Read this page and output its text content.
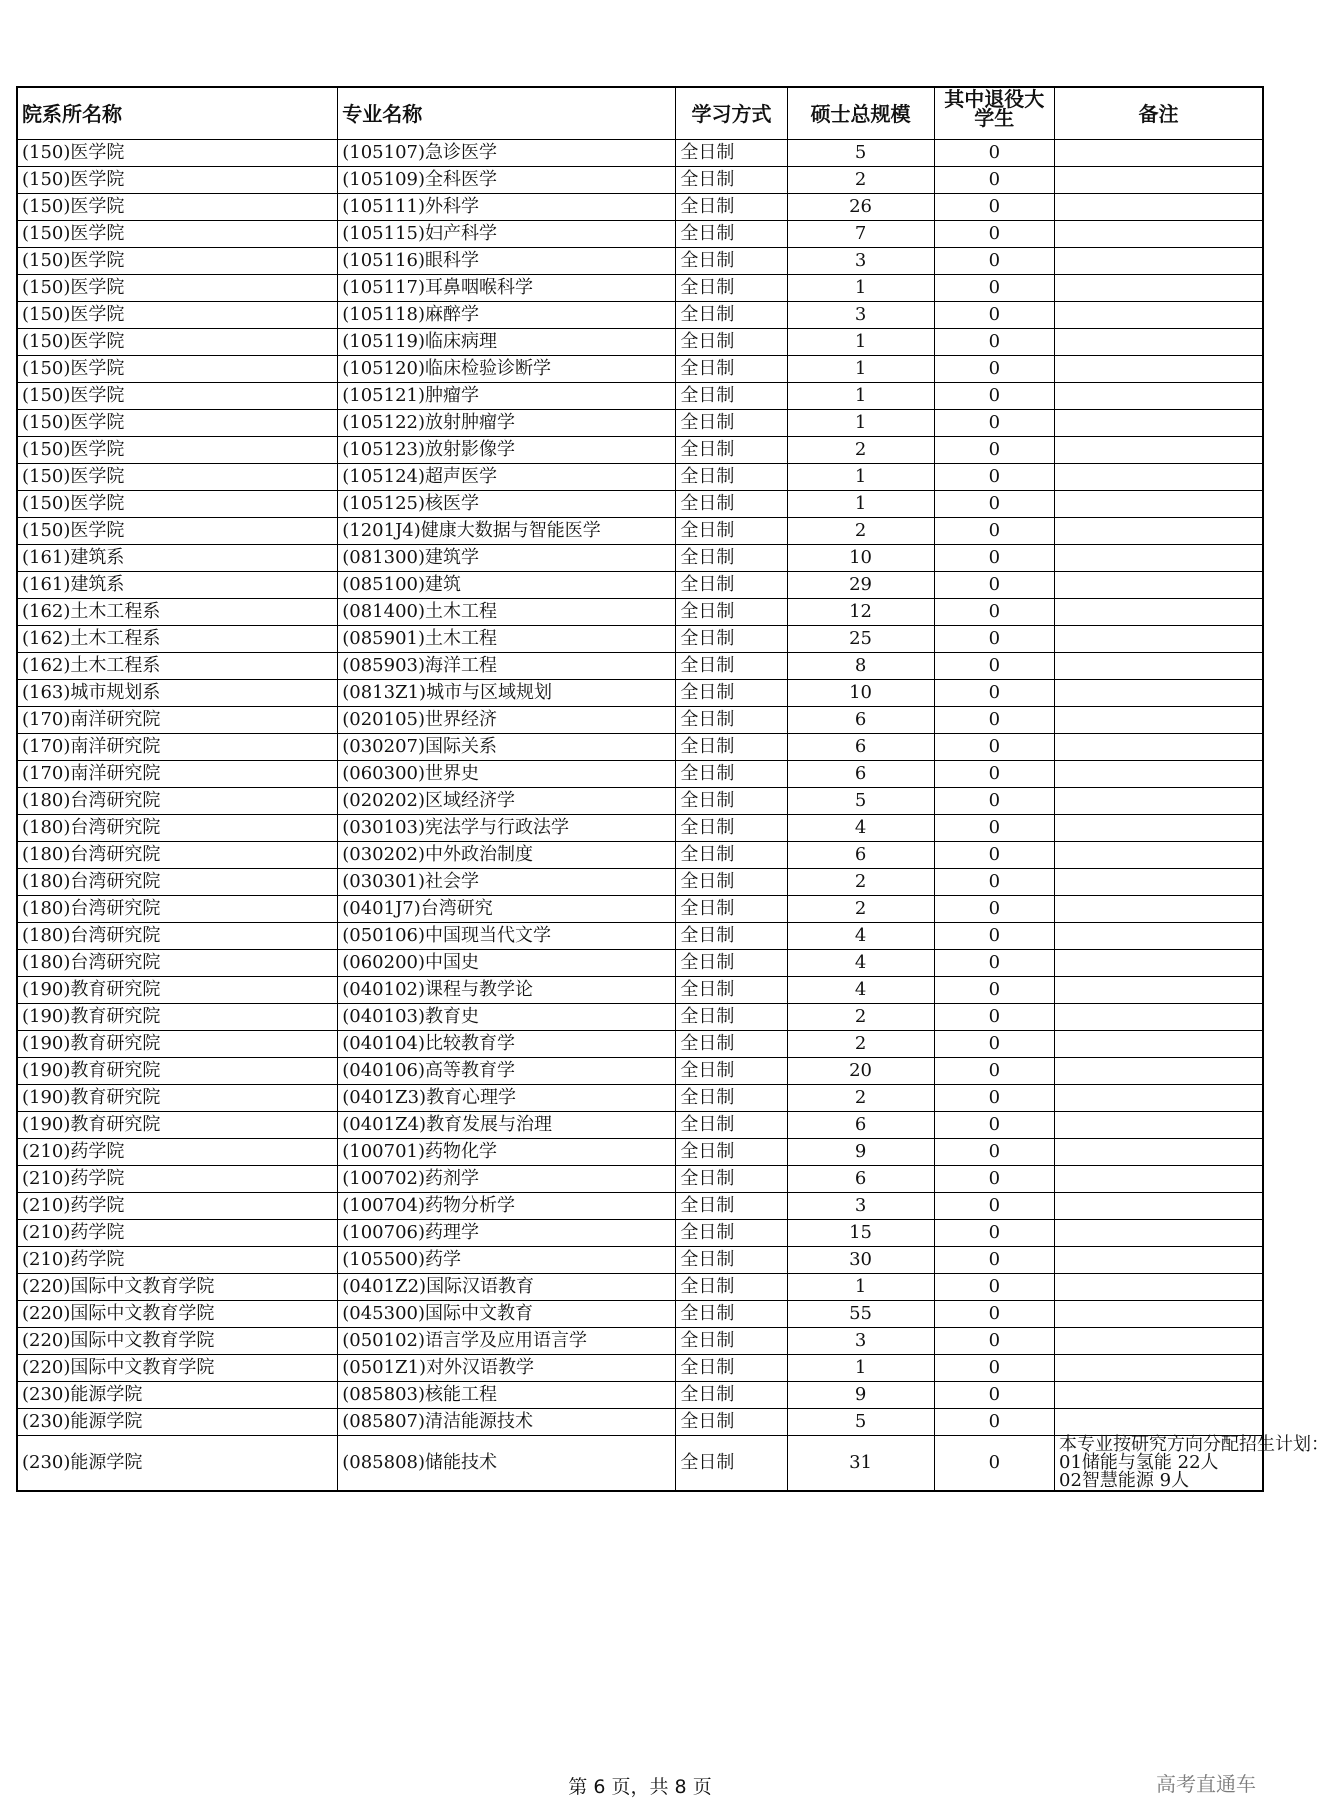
院系所名称	专业名称	学习方式	硕士总规模	其中退役大学生	备注
(150)医学院	(105107)急诊医学	全日制	5	0	
(150)医学院	(105109)全科医学	全日制	2	0	
(150)医学院	(105111)外科学	全日制	26	0	
(150)医学院	(105115)妇产科学	全日制	7	0	
(150)医学院	(105116)眼科学	全日制	3	0	
(150)医学院	(105117)耳鼻咽喉科学	全日制	1	0	
(150)医学院	(105118)麻醉学	全日制	3	0	
(150)医学院	(105119)临床病理	全日制	1	0	
(150)医学院	(105120)临床检验诊断学	全日制	1	0	
(150)医学院	(105121)肿瘤学	全日制	1	0	
(150)医学院	(105122)放射肿瘤学	全日制	1	0	
(150)医学院	(105123)放射影像学	全日制	2	0	
(150)医学院	(105124)超声医学	全日制	1	0	
(150)医学院	(105125)核医学	全日制	1	0	
(150)医学院	(1201J4)健康大数据与智能医学	全日制	2	0	
(161)建筑系	(081300)建筑学	全日制	10	0	
(161)建筑系	(085100)建筑	全日制	29	0	
(162)土木工程系	(081400)土木工程	全日制	12	0	
(162)土木工程系	(085901)土木工程	全日制	25	0	
(162)土木工程系	(085903)海洋工程	全日制	8	0	
(163)城市规划系	(0813Z1)城市与区域规划	全日制	10	0	
(170)南洋研究院	(020105)世界经济	全日制	6	0	
(170)南洋研究院	(030207)国际关系	全日制	6	0	
(170)南洋研究院	(060300)世界史	全日制	6	0	
(180)台湾研究院	(020202)区域经济学	全日制	5	0	
(180)台湾研究院	(030103)宪法学与行政法学	全日制	4	0	
(180)台湾研究院	(030202)中外政治制度	全日制	6	0	
(180)台湾研究院	(030301)社会学	全日制	2	0	
(180)台湾研究院	(0401J7)台湾研究	全日制	2	0	
(180)台湾研究院	(050106)中国现当代文学	全日制	4	0	
(180)台湾研究院	(060200)中国史	全日制	4	0	
(190)教育研究院	(040102)课程与教学论	全日制	4	0	
(190)教育研究院	(040103)教育史	全日制	2	0	
(190)教育研究院	(040104)比较教育学	全日制	2	0	
(190)教育研究院	(040106)高等教育学	全日制	20	0	
(190)教育研究院	(0401Z3)教育心理学	全日制	2	0	
(190)教育研究院	(0401Z4)教育发展与治理	全日制	6	0	
(210)药学院	(100701)药物化学	全日制	9	0	
(210)药学院	(100702)药剂学	全日制	6	0	
(210)药学院	(100704)药物分析学	全日制	3	0	
(210)药学院	(100706)药理学	全日制	15	0	
(210)药学院	(105500)药学	全日制	30	0	
(220)国际中文教育学院	(0401Z2)国际汉语教育	全日制	1	0	
(220)国际中文教育学院	(045300)国际中文教育	全日制	55	0	
(220)国际中文教育学院	(050102)语言学及应用语言学	全日制	3	0	
(220)国际中文教育学院	(0501Z1)对外汉语教学	全日制	1	0	
(230)能源学院	(085803)核能工程	全日制	9	0	
(230)能源学院	(085807)清洁能源技术	全日制	5	0	
(230)能源学院	(085808)储能技术	全日制	31	0	本专业按研究方向分配招生计划：
01储能与氢能 22人
02智慧能源 9人
第 6 页，共 8 页	高考直通车
